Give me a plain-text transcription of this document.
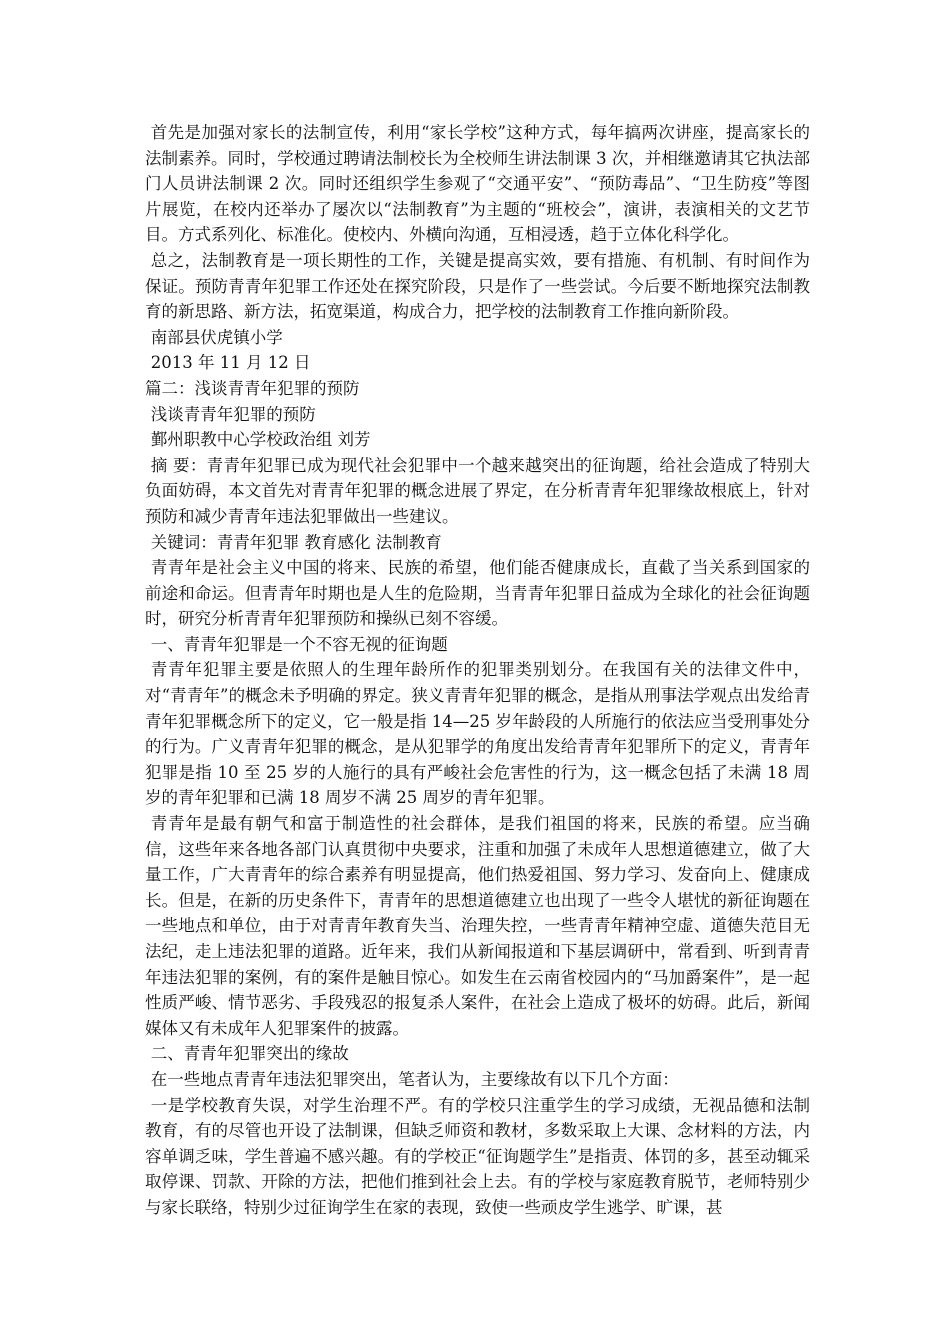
首先是加强对家长的法制宣传，利用“家长学校”这种方式，每年搞两次讲座，提高家长的法制素养。同时，学校通过聘请法制校长为全校师生讲法制课 3 次，并相继邀请其它执法部门人员讲法制课 2 次。同时还组织学生参观了“交通平安”、“预防毒品”、“卫生防疫”等图片展览，在校内还举办了屡次以“法制教育”为主题的“班校会”，演讲，表演相关的文艺节目。方式系列化、标准化。使校内、外横向沟通，互相浸透，趋于立体化科学化。

总之，法制教育是一项长期性的工作，关键是提高实效，要有措施、有机制、有时间作为保证。预防青青年犯罪工作还处在探究阶段，只是作了一些尝试。今后要不断地探究法制教育的新思路、新方法，拓宽渠道，构成合力，把学校的法制教育工作推向新阶段。

南部县伏虎镇小学

2013 年 11 月 12 日

篇二：浅谈青青年犯罪的预防

浅谈青青年犯罪的预防

鄞州职教中心学校政治组 刘芳

摘 要：青青年犯罪已成为现代社会犯罪中一个越来越突出的征询题，给社会造成了特别大负面妨碍，本文首先对青青年犯罪的概念进展了界定，在分析青青年犯罪缘故根底上，针对预防和减少青青年违法犯罪做出一些建议。

关键词：青青年犯罪 教育感化 法制教育

青青年是社会主义中国的将来、民族的希望，他们能否健康成长，直截了当关系到国家的前途和命运。但青青年时期也是人生的危险期，当青青年犯罪日益成为全球化的社会征询题时，研究分析青青年犯罪预防和操纵已刻不容缓。

一、青青年犯罪是一个不容无视的征询题

青青年犯罪主要是依照人的生理年龄所作的犯罪类别划分。在我国有关的法律文件中，对“青青年”的概念未予明确的界定。狭义青青年犯罪的概念，是指从刑事法学观点出发给青青年犯罪概念所下的定义，它一般是指 14—25 岁年龄段的人所施行的依法应当受刑事处分的行为。广义青青年犯罪的概念，是从犯罪学的角度出发给青青年犯罪所下的定义，青青年犯罪是指 10 至 25 岁的人施行的具有严峻社会危害性的行为，这一概念包括了未满 18 周岁的青年犯罪和已满 18 周岁不满 25 周岁的青年犯罪。

青青年是最有朝气和富于制造性的社会群体，是我们祖国的将来，民族的希望。应当确信，这些年来各地各部门认真贯彻中央要求，注重和加强了未成年人思想道德建立，做了大量工作，广大青青年的综合素养有明显提高，他们热爱祖国、努力学习、发奋向上、健康成长。但是，在新的历史条件下，青青年的思想道德建立也出现了一些令人堪忧的新征询题在一些地点和单位，由于对青青年教育失当、治理失控，一些青青年精神空虚、道德失范目无法纪，走上违法犯罪的道路。近年来，我们从新闻报道和下基层调研中，常看到、听到青青年违法犯罪的案例，有的案件是触目惊心。如发生在云南省校园内的“马加爵案件”，是一起性质严峻、情节恶劣、手段残忍的报复杀人案件，在社会上造成了极坏的妨碍。此后，新闻媒体又有未成年人犯罪案件的披露。

二、青青年犯罪突出的缘故

在一些地点青青年违法犯罪突出，笔者认为，主要缘故有以下几个方面：

一是学校教育失误，对学生治理不严。有的学校只注重学生的学习成绩，无视品德和法制教育，有的尽管也开设了法制课，但缺乏师资和教材，多数采取上大课、念材料的方法，内容单调乏味，学生普遍不感兴趣。有的学校正“征询题学生”是指责、体罚的多，甚至动辄采取停课、罚款、开除的方法，把他们推到社会上去。有的学校与家庭教育脱节，老师特别少与家长联络，特别少过征询学生在家的表现，致使一些顽皮学生逃学、旷课，甚
